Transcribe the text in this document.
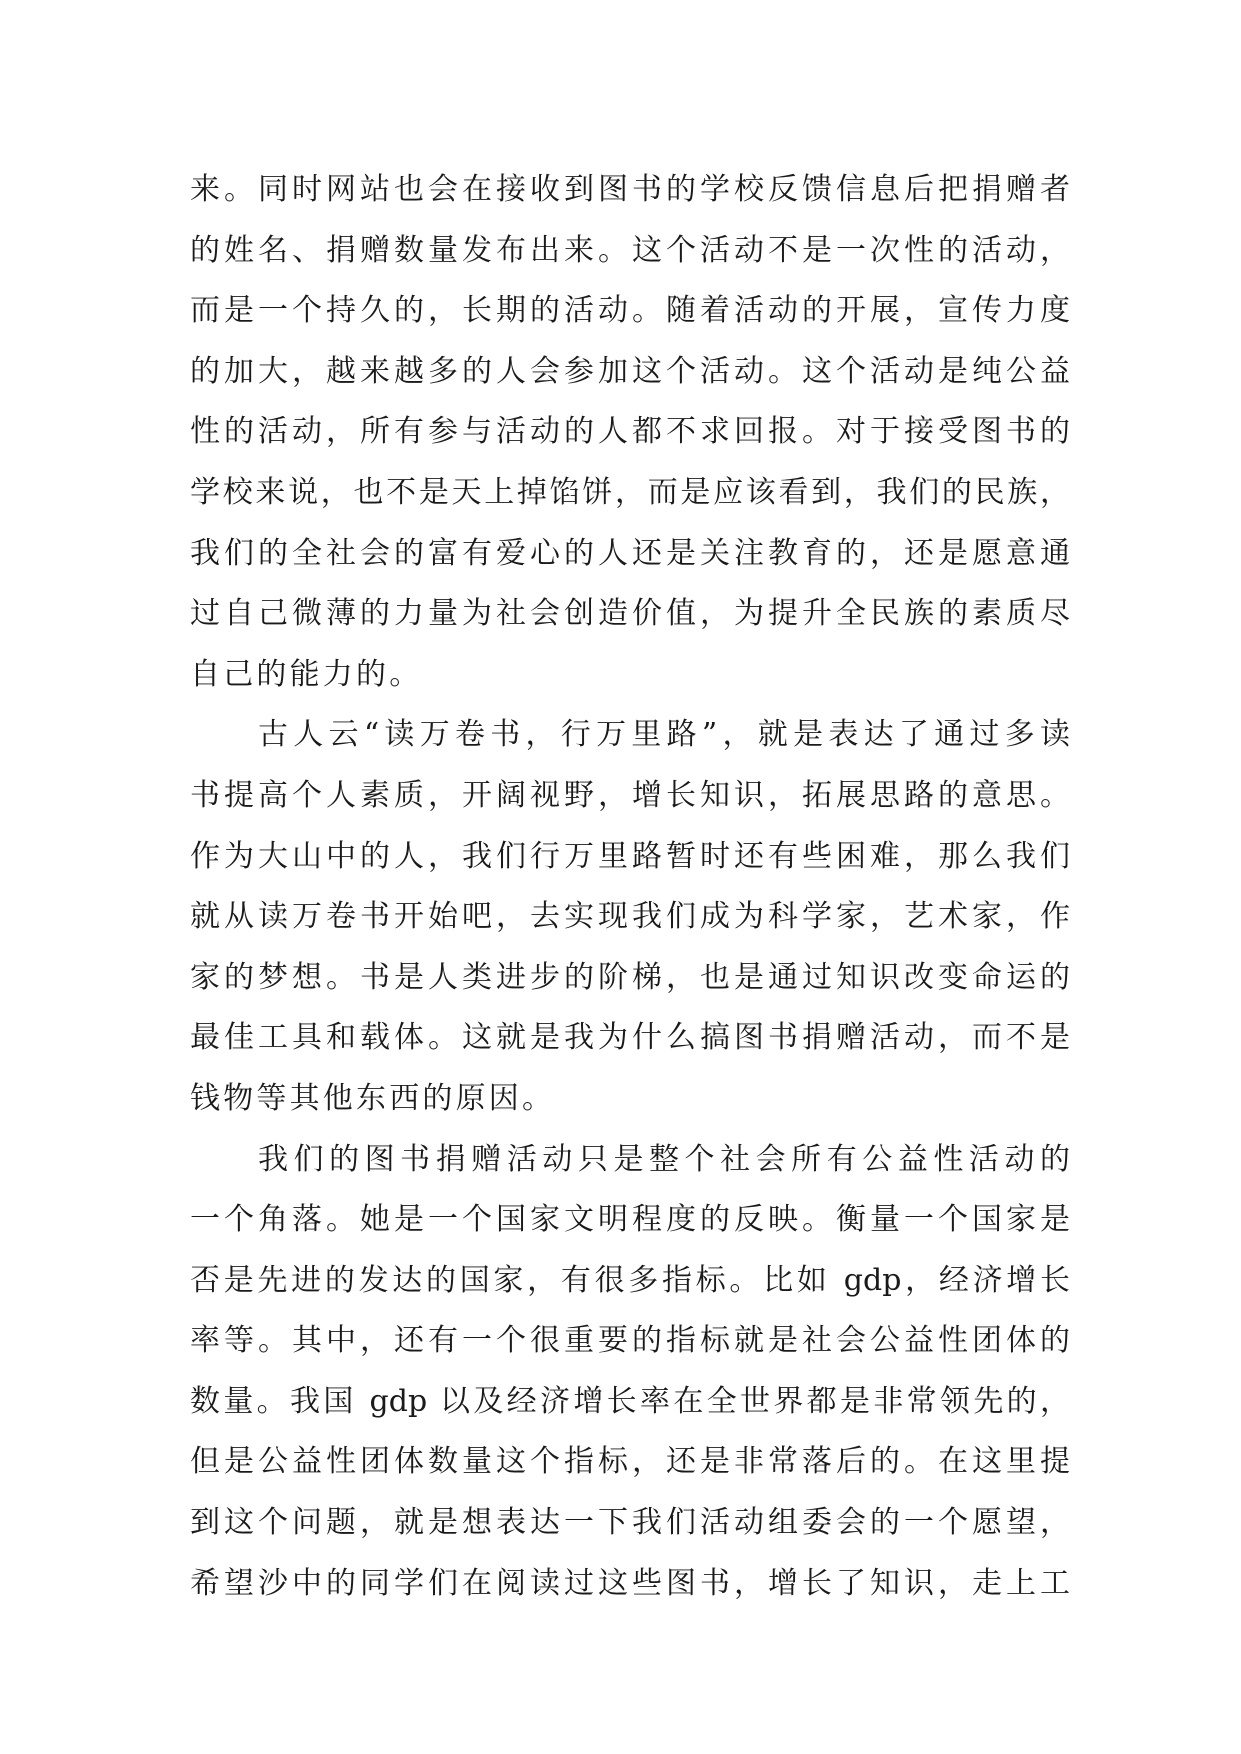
来。同时网站也会在接收到图书的学校反馈信息后把捐赠者
的姓名、捐赠数量发布出来。这个活动不是一次性的活动，
而是一个持久的，长期的活动。随着活动的开展，宣传力度
的加大，越来越多的人会参加这个活动。这个活动是纯公益
性的活动，所有参与活动的人都不求回报。对于接受图书的
学校来说，也不是天上掉馅饼，而是应该看到，我们的民族，
我们的全社会的富有爱心的人还是关注教育的，还是愿意通
过自己微薄的力量为社会创造价值，为提升全民族的素质尽
自己的能力的。
古人云“读万卷书，行万里路”，就是表达了通过多读
书提高个人素质，开阔视野，增长知识，拓展思路的意思。
作为大山中的人，我们行万里路暂时还有些困难，那么我们
就从读万卷书开始吧，去实现我们成为科学家，艺术家，作
家的梦想。书是人类进步的阶梯，也是通过知识改变命运的
最佳工具和载体。这就是我为什么搞图书捐赠活动，而不是
钱物等其他东西的原因。
我们的图书捐赠活动只是整个社会所有公益性活动的
一个角落。她是一个国家文明程度的反映。衡量一个国家是
否是先进的发达的国家，有很多指标。比如 gdp，经济增长
率等。其中，还有一个很重要的指标就是社会公益性团体的
数量。我国 gdp 以及经济增长率在全世界都是非常领先的，
但是公益性团体数量这个指标，还是非常落后的。在这里提
到这个问题，就是想表达一下我们活动组委会的一个愿望，
希望沙中的同学们在阅读过这些图书，增长了知识，走上工
